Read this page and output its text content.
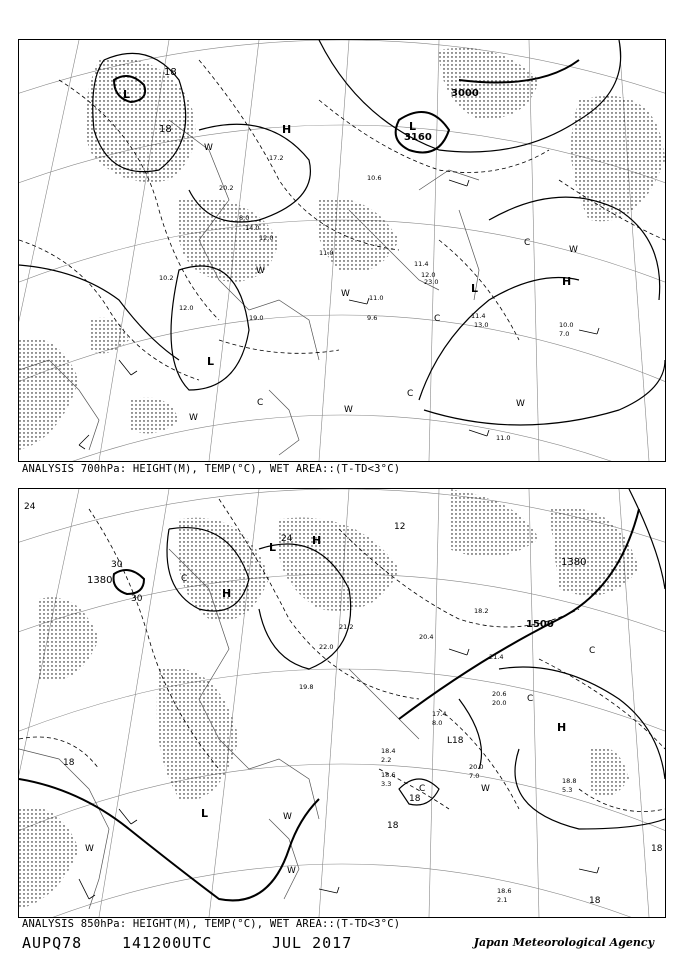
3000
3160
18
18
L
L
L
L
H
H
W
W
W
W
W
W
W
C
C
C
C
10.6
11.0
12.0
11.4
14.0
10.2
12.0
11.0
9.6
11.4
13.0	10.0
7.0
11.0
23.0
12.0
8.0
19.0
17.2
20.2
ANALYSIS 700hPa: HEIGHT(M), TEMP(°C), WET AREA::(T-TD<3°C)
1500
1380
1380
24
24
30
30
12
18
18
18
18
18
L18
L
L
H
H
H
W
W
W
W
C
C
C
C
18.4
2.2
18.6
3.3
20.0
7.0
18.6
2.1
18.8
5.3
20.6
20.0
17.4
8.0
21.2
18.2
20.4
21.4
22.0
19.8
ANALYSIS 850hPa: HEIGHT(M), TEMP(°C), WET AREA::(T-TD<3°C)
AUPQ78	141200UTC	JUL 2017	Japan Meteorological Agency
